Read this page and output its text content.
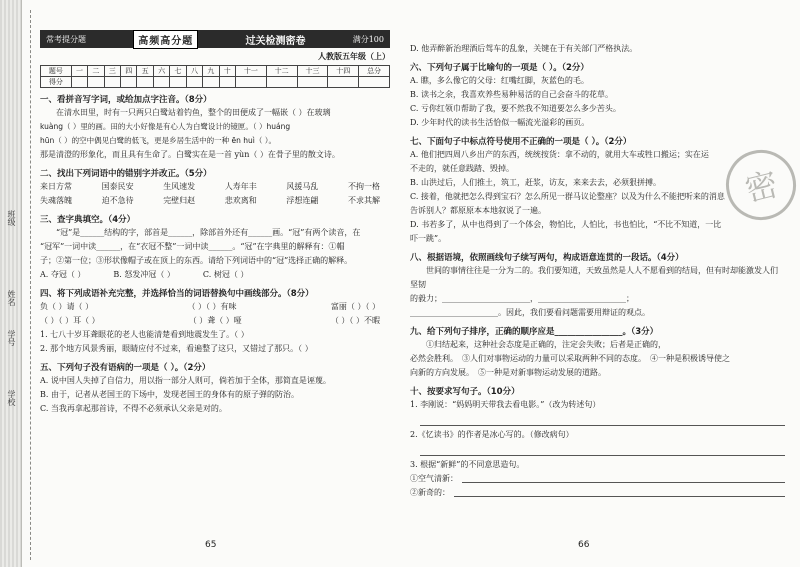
班级
姓名
学号
学校
常考提分题	高频高分题	过关检测密卷	满分100
人教版五年级（上）
题号	一	二	三	四	五	六	七	八	九	十	十一	十二	十三	十四	总分
得分															
一、看拼音写字词，或给加点字注音。（8分）
在清水田里，时有一只两只白鹭站着钓鱼，整个的田便成了一幅嵌（ ）在玻璃
kuàng（ ）里的画。田的大小好像是有心人为白鹭设计的镜匣。（ ）huáng
hūn（ ）的空中偶见白鹭的低飞，更是乡居生活中的一种 ēn huì（ ）。
那是清澄的形象化，而且具有生命了。白鹭实在是一首 yùn（ ）在骨子里的散文诗。
二、找出下列词语中的错别字并改正。（5分）
来日方常	国泰民安	生风速发	人寿年丰	风援马乱	不拘一格
失魂落魄	迫不急待	完壁归赵	悲欢离和	浮想连翩	不求其解
三、查字典填空。（4分）
“冠”是______结构的字，部首是______，除部首外还有______画。“冠”有两个读音，在
“冠军”一词中读______，在“衣冠不整”一词中读______。“冠”在字典里的解释有：①帽
子；②第一位；③形状像帽子或在顶上的东西。请给下列词语中的“冠”选择正确的解释。
A. 夺冠（ ）	B. 怒发冲冠（ ）	C. 树冠（ ）
四、将下列成语补充完整，并选择恰当的词语替换句中画线部分。（8分）
负（ ）请（ ）	（ ）（ ）有味	富丽（ ）（ ）
（ ）（ ）耳（ ）	（ ）聋（ ）哑	（ ）（ ）不暇
1. 七八十岁耳聋眼花的老人也能清楚看到地震发生了。（ ）
2. 那个地方风景秀丽，眼睛应付不过来，看遍整了这只，又错过了那只。（ ）
五、下列句子没有语病的一项是（ ）。（2分）
A. 说中国人失掉了自信力，用以指一部分人则可，倘若加于全体，那简直是诬蔑。
B. 由于，记者从老国王的下场中，发现老国王的身体有的原子弹的防治。
C. 当我再拿起那首诗，不得不必须承认父亲是对的。
65
D. 他弄醉新治理酒后驾车的乱象，关键在于有关部门严格执法。
六、下列句子属于比喻句的一项是（ ）。（2分）
A. 瞧，多么像它的父母：红嘴红脚，灰蓝色的毛。
B. 读书之余，我喜欢养些易种易活的自己会奋斗的花草。
C. 亏你红领巾帮助了我，要不然我不知道要怎么多少苦头。
D. 少年时代的读书生活恰似一幅流光溢彩的画页。
七、下面句子中标点符号使用不正确的一项是（ ）。（2分）
A. 他们把四周八乡出产的东西，统统按货：拿不动的，就用大车或牲口搬运；实在运
不走的，就任意践踏、毁掉。
B. 山洪过后，人们推土，筑工，赶浆，访友，来来去去，必须狠拼搏。
C. 接着，他就把怎么得到宝石？怎么所见一群马议论整座？以及为什么不能把听来的消息
告诉别人？都原原本本地叙说了一遍。
D. 书若多了，从中也得到了一个体会，物怕比，人怕比，书也怕比，“不比不知道，一比
吓一跳”。
八、根据语境，依照画线句子续写两句，构成语意连贯的一段话。（4分）
世间的事情往往是一分为二的。我们要知道，天致虽然是人人不愿看到的结局，但有时却能激发人们坚韧
的毅力；______________________，______________________；
______________________。因此，我们要看问题需要用辩证的观点。
九、给下列句子排序，正确的顺序应是________________。（3分）
①归结起来，这种社会态度是正确的，注定会失败；后者是正确的，
必然会胜利。　③人们对事物运动的力量可以采取两种不同的态度。　④一种是积极诱导使之
向新的方向发展。　⑤一种是对新事物运动发展的道路。
十、按要求写句子。（10分）
1. 李刚说：“妈妈明天带我去看电影。”（改为转述句）
2.《忆读书》的作者是冰心写的。（修改病句）
3. 根据“新鲜”的不同意思造句。
①空气清新：
②新奇的：
66
密
